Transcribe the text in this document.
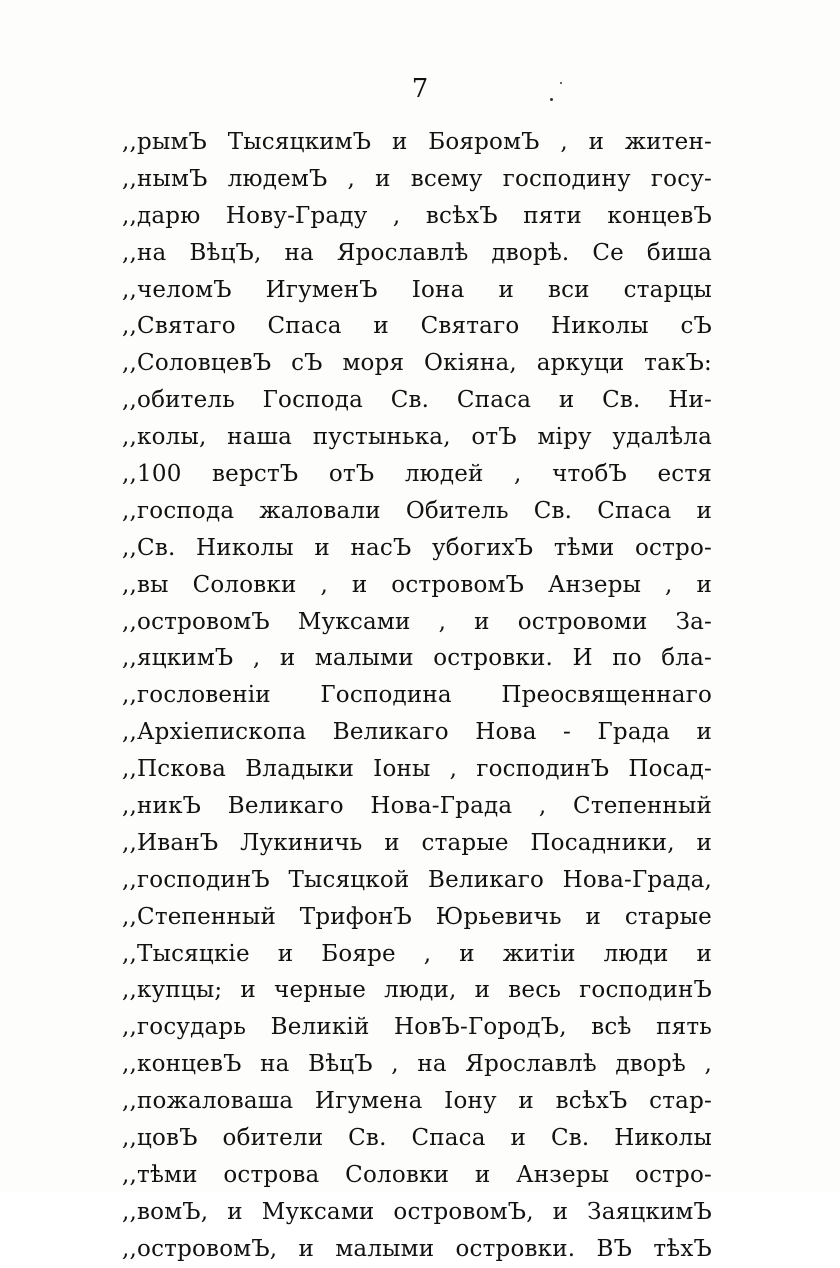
7
,,рымЪ ТысяцкимЪ и БояромЪ , и житен-
,,нымЪ людемЪ , и всему господину госу-
,,дарю Нову-Граду , всѣхЪ пяти концевЪ
,,на ВѣцЪ, на Ярославлѣ дворѣ. Се биша
,,челомЪ ИгуменЪ Іона и вси старцы
,,Святаго Спаса и Святаго Николы сЪ
,,СоловцевЪ сЪ моря Окіяна, аркуци такЪ:
,,обитель Господа Св. Спаса и Св. Ни-
,,колы, наша пустынька, отЪ міру удалѣла
,,100 верстЪ отЪ людей , чтобЪ естя
,,господа жаловали Обитель Св. Спаса и
,,Св. Николы и насЪ убогихЪ тѣми остро-
,,вы Соловки , и островомЪ Анзеры , и
,,островомЪ Муксами , и островоми За-
,,яцкимЪ , и малыми островки. И по бла-
,,гословеніи Господина Преосвященнаго
,,Архіепископа Великаго Нова - Града и
,,Пскова Владыки Іоны , господинЪ Посад-
,,никЪ Великаго Нова-Града , Степенный
,,ИванЪ Лукиничь и старые Посадники, и
,,господинЪ Тысяцкой Великаго Нова-Града,
,,Степенный ТрифонЪ Юрьевичь и старые
,,Тысяцкіе и Бояре , и житіи люди и
,,купцы; и черные люди, и весь господинЪ
,,государь Великій НовЪ-ГородЪ, всѣ пять
,,концевЪ на ВѣцЪ , на Ярославлѣ дворѣ ,
,,пожаловаша Игумена Іону и всѣхЪ стар-
,,цовЪ обители Св. Спаса и Св. Николы
,,тѣми острова Соловки и Анзеры остро-
,,вомЪ, и Муксами островомЪ, и ЗаяцкимЪ
,,островомЪ, и малыми островки. ВЪ тѣхЪ
